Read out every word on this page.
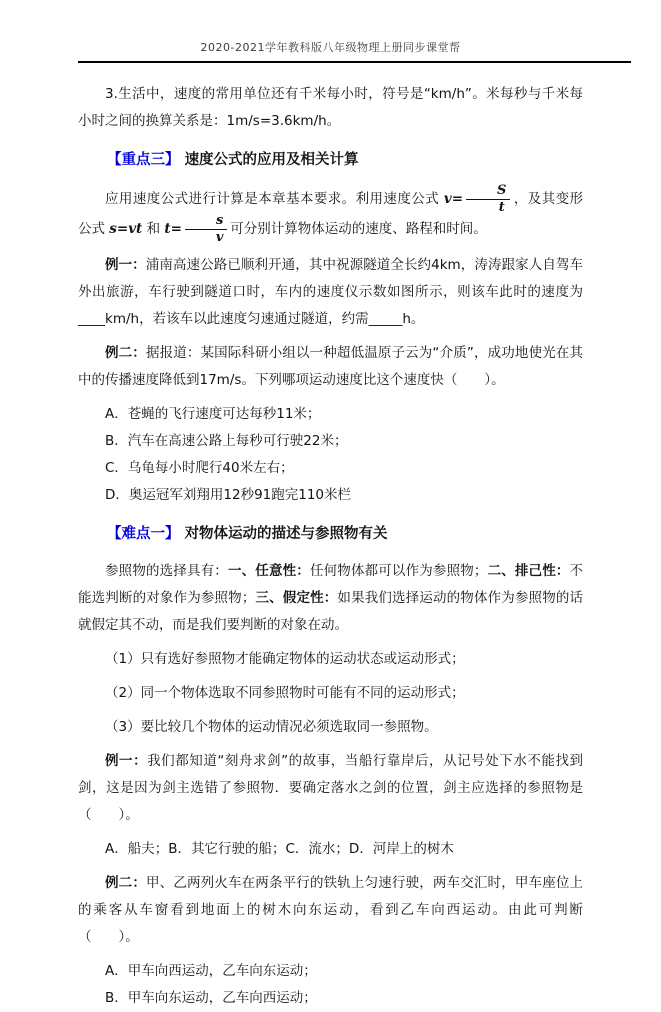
2020-2021学年教科版八年级物理上册同步课堂帮

3.生活中，速度的常用单位还有千米每小时，符号是“km/h”。米每秒与千米每小时之间的换算关系是：1m/s=3.6km/h。

【重点三】 速度公式的应用及相关计算

应用速度公式进行计算是本章基本要求。利用速度公式 $v= \frac{S}{t}$ ，及其变形公式 s=vt 和 $t= \frac{s}{v}$ 可分别计算物体运动的速度、路程和时间。

例一：浦南高速公路已顺利开通，其中祝源隧道全长约4km，涛涛跟家人自驾车外出旅游，车行驶到隧道口时，车内的速度仪示数如图所示，则该车此时的速度为____km/h，若该车以此速度匀速通过隧道，约需_____h。

例二：据报道：某国际科研小组以一种超低温原子云为“介质”，成功地使光在其中的传播速度降低到17m/s。下列哪项运动速度比这个速度快（　　）。

A．苍蝇的飞行速度可达每秒11米；
B．汽车在高速公路上每秒可行驶22米；
C．乌龟每小时爬行40米左右；
D．奥运冠军刘翔用12秒91跑完110米栏
【难点一】 对物体运动的描述与参照物有关

参照物的选择具有：一、任意性：任何物体都可以作为参照物；二、排己性：不能选判断的对象作为参照物；三、假定性：如果我们选择运动的物体作为参照物的话就假定其不动，而是我们要判断的对象在动。

（1）只有选好参照物才能确定物体的运动状态或运动形式；

（2）同一个物体选取不同参照物时可能有不同的运动形式；

（3）要比较几个物体的运动情况必须选取同一参照物。

例一：我们都知道“刻舟求剑”的故事，当船行靠岸后，从记号处下水不能找到剑，这是因为剑主选错了参照物．要确定落水之剑的位置，剑主应选择的参照物是（　　）。

A．船夫；B．其它行驶的船；C．流水；D．河岸上的树木

例二：甲、乙两列火车在两条平行的铁轨上匀速行驶，两车交汇时，甲车座位上的乘客从车窗看到地面上的树木向东运动，看到乙车向西运动。由此可判断（　　）。

A．甲车向西运动，乙车向东运动；
B．甲车向东运动，乙车向西运动；
